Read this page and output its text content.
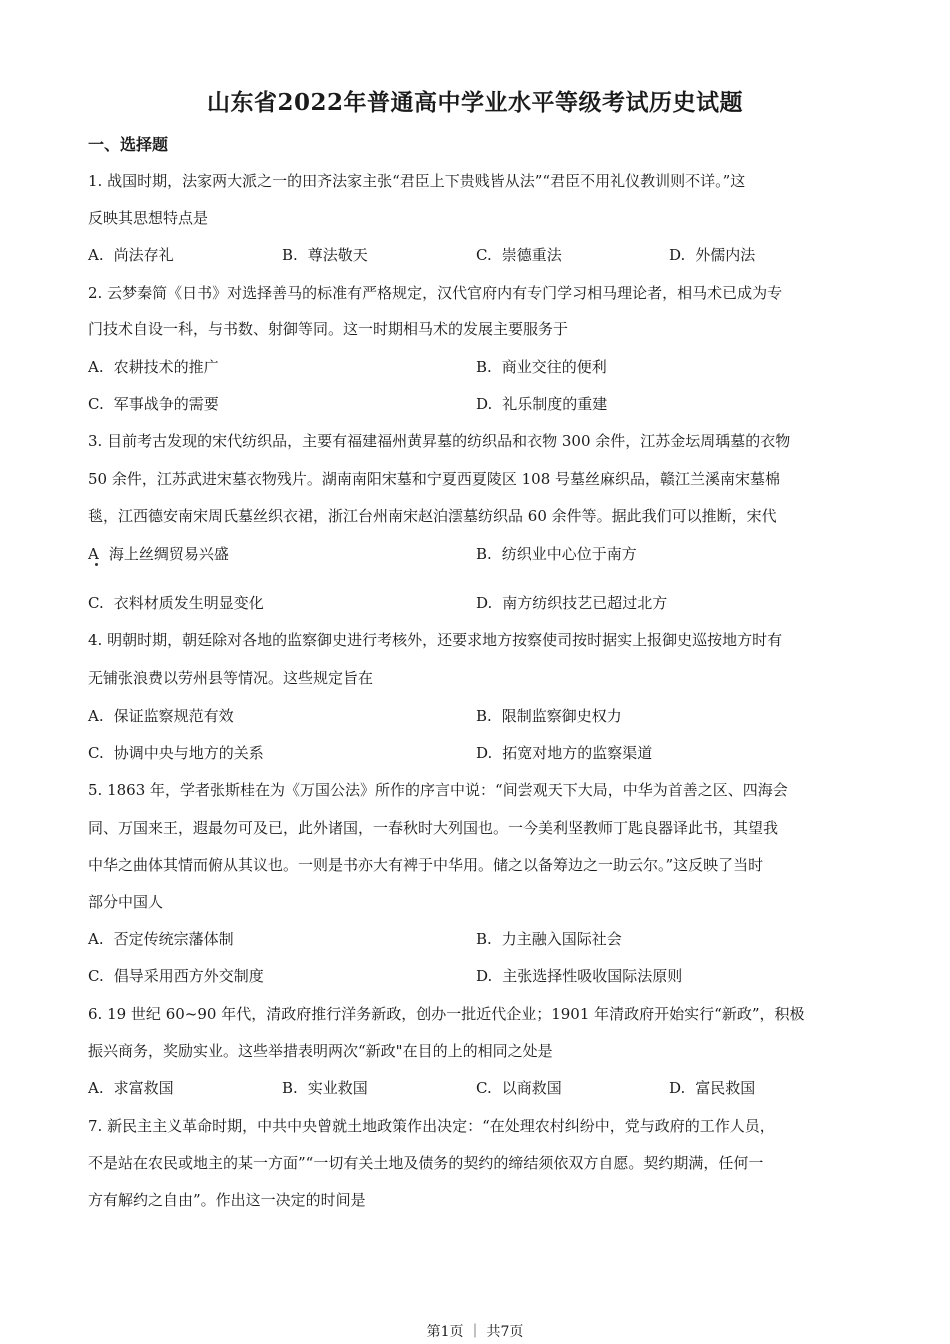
山东省2022年普通高中学业水平等级考试历史试题
一、选择题
1. 战国时期，法家两大派之一的田齐法家主张“君臣上下贵贱皆从法”“君臣不用礼仪教训则不详。”这
反映其思想特点是
A. 尚法存礼	B. 尊法敬天	C. 崇德重法	D. 外儒内法
2. 云梦秦简《日书》对选择善马的标准有严格规定，汉代官府内有专门学习相马理论者，相马术已成为专
门技术自设一科，与书数、射御等同。这一时期相马术的发展主要服务于
A. 农耕技术的推广	B. 商业交往的便利
C. 军事战争的需要	D. 礼乐制度的重建
3. 目前考古发现的宋代纺织品，主要有福建福州黄昇墓的纺织品和衣物 300 余件，江苏金坛周瑀墓的衣物
50 余件，江苏武进宋墓衣物残片。湖南南阳宋墓和宁夏西夏陵区 108 号墓丝麻织品，赣江兰溪南宋墓棉
毯，江西德安南宋周氏墓丝织衣裙，浙江台州南宋赵泊澐墓纺织品 60 余件等。据此我们可以推断，宋代
A 海上丝绸贸易兴盛	B. 纺织业中心位于南方
C. 衣料材质发生明显变化	D. 南方纺织技艺已超过北方
4. 明朝时期，朝廷除对各地的监察御史进行考核外，还要求地方按察使司按时据实上报御史巡按地方时有
无铺张浪费以劳州县等情况。这些规定旨在
A. 保证监察规范有效	B. 限制监察御史权力
C. 协调中央与地方的关系	D. 拓宽对地方的监察渠道
5. 1863 年，学者张斯桂在为《万国公法》所作的序言中说：“间尝观天下大局，中华为首善之区、四海会
同、万国来王，遐最勿可及已，此外诸国，一春秋时大列国也。一今美利坚教师丁匙良器译此书，其望我
中华之曲体其情而俯从其议也。一则是书亦大有裨于中华用。储之以备筹边之一助云尔。”这反映了当时
部分中国人
A. 否定传统宗藩体制	B. 力主融入国际社会
C. 倡导采用西方外交制度	D. 主张选择性吸收国际法原则
6. 19 世纪 60~90 年代，清政府推行洋务新政，创办一批近代企业；1901 年清政府开始实行“新政”，积极
振兴商务，奖励实业。这些举措表明两次“新政"在目的上的相同之处是
A. 求富救国	B. 实业救国	C. 以商救国	D. 富民救国
7. 新民主主义革命时期，中共中央曾就土地政策作出决定：“在处理农村纠纷中，党与政府的工作人员，
不是站在农民或地主的某一方面”“一切有关土地及债务的契约的缔结须依双方自愿。契约期满，任何一
方有解约之自由”。作出这一决定的时间是
第1页 ｜ 共7页
